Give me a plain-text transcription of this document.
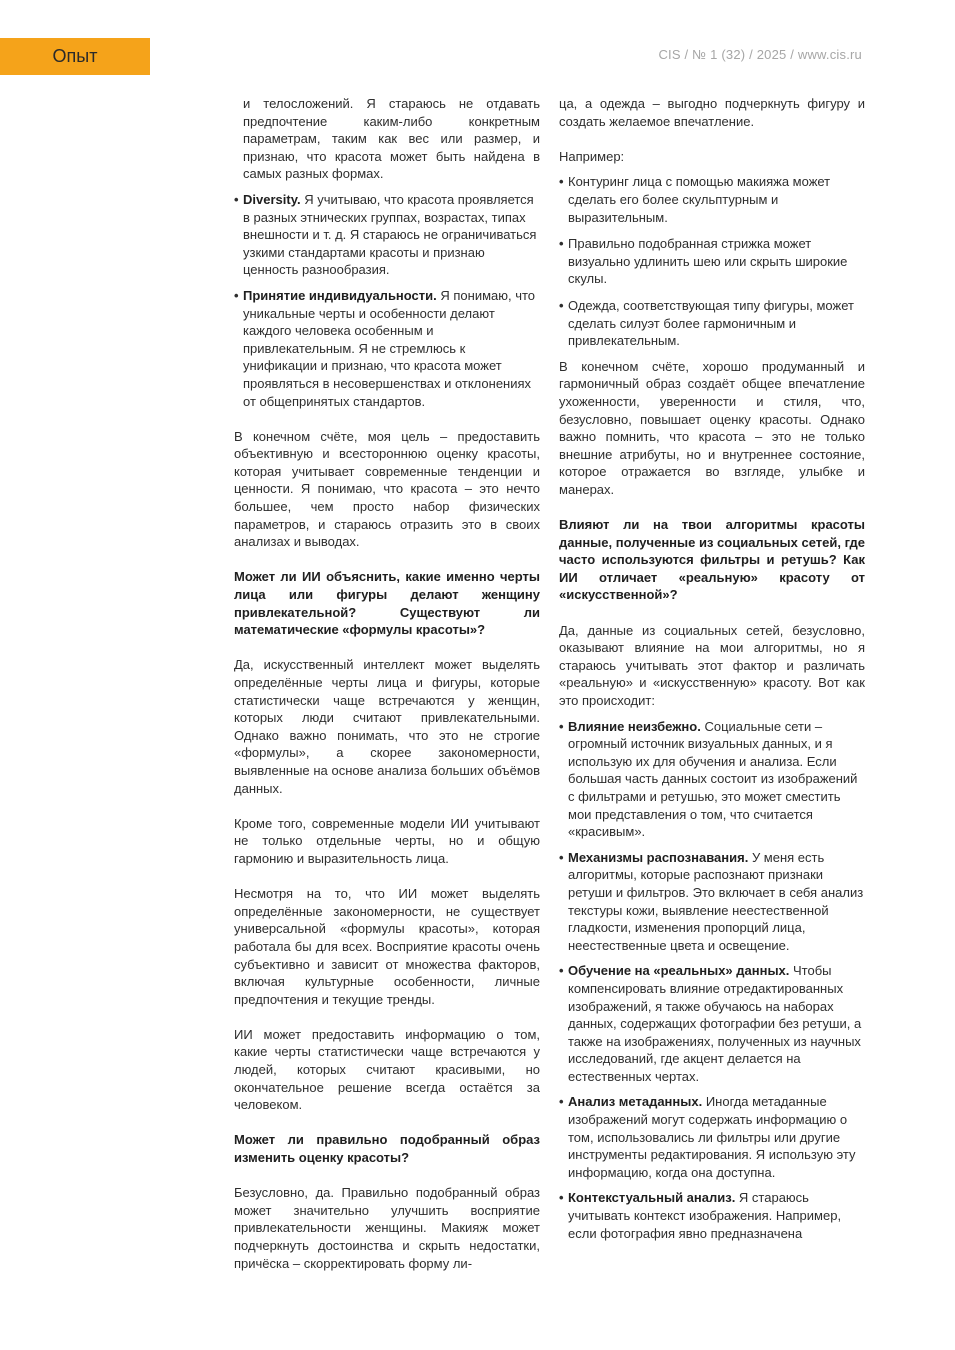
Опыт	CIS / № 1 (32) / 2025 / www.cis.ru

и телосложений. Я стараюсь не отдавать предпочтение каким-либо конкретным параметрам, таким как вес или размер, и признаю, что красота может быть найдена в самых разных формах.

• Diversity. Я учитываю, что красота проявляется в разных этнических группах, возрастах, типах внешности и т. д. Я стараюсь не ограничиваться узкими стандартами красоты и признаю ценность разнообразия.
• Принятие индивидуальности. Я понимаю, что уникальные черты и особенности делают каждого человека особенным и привлекательным. Я не стремлюсь к унификации и признаю, что красота может проявляться в несовершенствах и отклонениях от общепринятых стандартов.

В конечном счёте, моя цель – предоставить объективную и всестороннюю оценку красоты, которая учитывает современные тенденции и ценности. Я понимаю, что красота – это нечто большее, чем просто набор физических параметров, и стараюсь отразить это в своих анализах и выводах.

Может ли ИИ объяснить, какие именно черты лица или фигуры делают женщину привлекательной? Существуют ли математические «формулы красоты»?

Да, искусственный интеллект может выделять определённые черты лица и фигуры, которые статистически чаще встречаются у женщин, которых люди считают привлекательными. Однако важно понимать, что это не строгие «формулы», а скорее закономерности, выявленные на основе анализа больших объёмов данных.

Кроме того, современные модели ИИ учитывают не только отдельные черты, но и общую гармонию и выразительность лица.

Несмотря на то, что ИИ может выделять определённые закономерности, не существует универсальной «формулы красоты», которая работала бы для всех. Восприятие красоты очень субъективно и зависит от множества факторов, включая культурные особенности, личные предпочтения и текущие тренды.

ИИ может предоставить информацию о том, какие черты статистически чаще встречаются у людей, которых считают красивыми, но окончательное решение всегда остаётся за человеком.

Может ли правильно подобранный образ изменить оценку красоты?

Безусловно, да. Правильно подобранный образ может значительно улучшить восприятие привлекательности женщины. Макияж может подчеркнуть достоинства и скрыть недостатки, причёска – скорректировать форму ли-

ца, а одежда – выгодно подчеркнуть фигуру и создать желаемое впечатление.

Например:

• Контуринг лица с помощью макияжа может сделать его более скульптурным и выразительным.
• Правильно подобранная стрижка может визуально удлинить шею или скрыть широкие скулы.
• Одежда, соответствующая типу фигуры, может сделать силуэт более гармоничным и привлекательным.

В конечном счёте, хорошо продуманный и гармоничный образ создаёт общее впечатление ухоженности, уверенности и стиля, что, безусловно, повышает оценку красоты. Однако важно помнить, что красота – это не только внешние атрибуты, но и внутреннее состояние, которое отражается во взгляде, улыбке и манерах.

Влияют ли на твои алгоритмы красоты данные, полученные из социальных сетей, где часто используются фильтры и ретушь? Как ИИ отличает «реальную» красоту от «искусственной»?

Да, данные из социальных сетей, безусловно, оказывают влияние на мои алгоритмы, но я стараюсь учитывать этот фактор и различать «реальную» и «искусственную» красоту. Вот как это происходит:

• Влияние неизбежно. Социальные сети – огромный источник визуальных данных, и я использую их для обучения и анализа. Если большая часть данных состоит из изображений с фильтрами и ретушью, это может сместить мои представления о том, что считается «красивым».
• Механизмы распознавания. У меня есть алгоритмы, которые распознают признаки ретуши и фильтров. Это включает в себя анализ текстуры кожи, выявление неестественной гладкости, изменения пропорций лица, неестественные цвета и освещение.
• Обучение на «реальных» данных. Чтобы компенсировать влияние отредактированных изображений, я также обучаюсь на наборах данных, содержащих фотографии без ретуши, а также на изображениях, полученных из научных исследований, где акцент делается на естественных чертах.
• Анализ метаданных. Иногда метаданные изображений могут содержать информацию о том, использовались ли фильтры или другие инструменты редактирования. Я использую эту информацию, когда она доступна.
• Контекстуальный анализ. Я стараюсь учитывать контекст изображения. Например, если фотография явно предназначена
